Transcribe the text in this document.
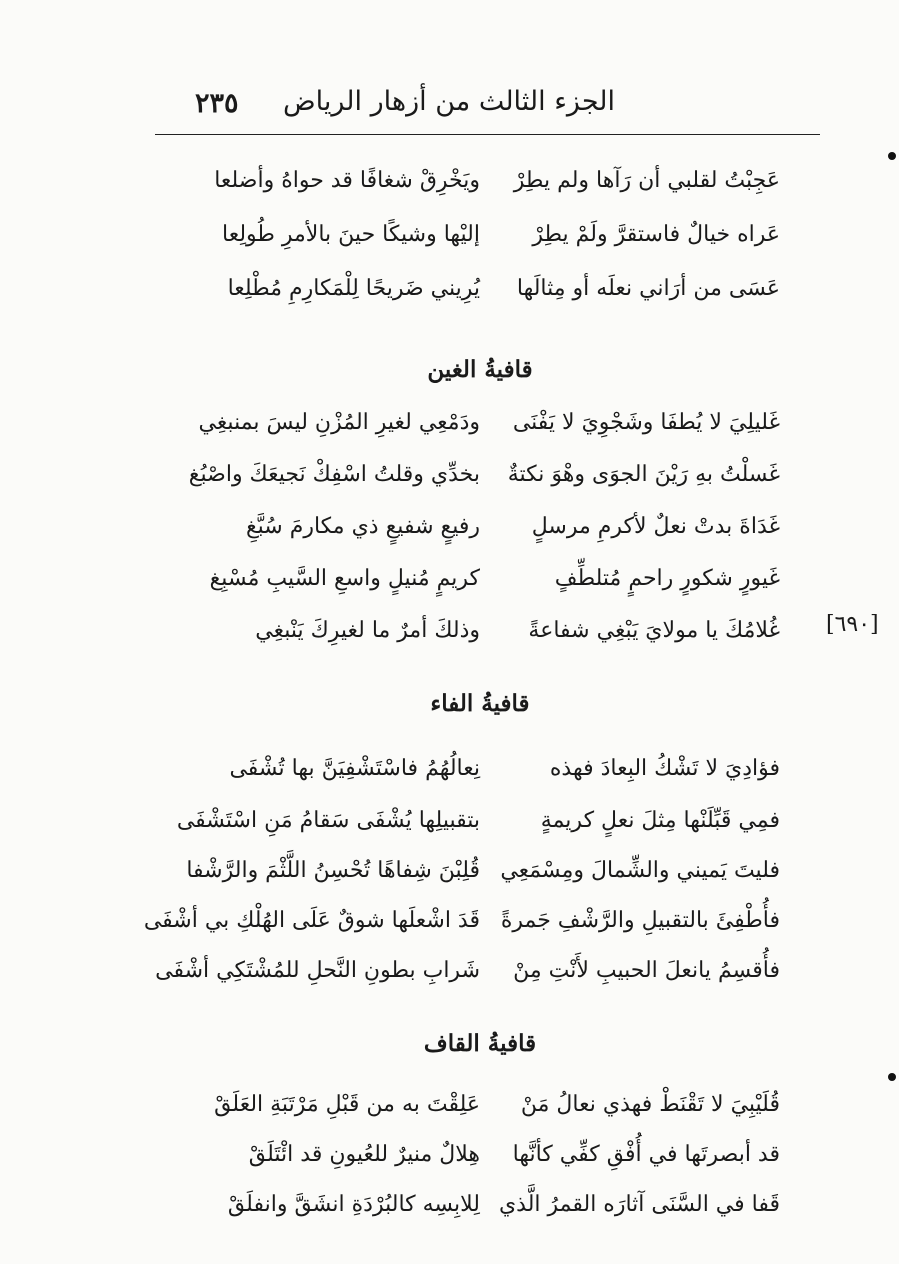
٢٣٥ الجزء الثالث من أزهار الرياض
عَجِبْتُ لقلبي أن رَآها ولم يطِرْ
ويَخْرِقْ شغافًا قد حواهُ وأضلعا
عَراه خيالٌ فاستقرَّ ولَمْ يطِرْ
إليْها وشيكًا حينَ بالأمرِ طُولِعا
عَسَى من أرَاني نعلَه أو مِثالَها
يُرِيني ضَريحًا لِلْمَكارِمِ مُطْلِعا
قافيةُ الغين
غَليلِيَ لا يُطفَا وشَجْوِيَ لا يَفْنَى
ودَمْعِي لغيرِ المُزْنِ ليسَ بمنبغِي
غَسلْتُ بهِ رَيْنَ الجوَى وهْوَ نكتةٌ
بخدِّي وقلتُ اسْفِكْ نَجيعَكَ واصْبُغ
غَدَاةَ بدتْ نعلٌ لأكرمِ مرسلٍ
رفيعٍ شفيعٍ ذي مكارمَ سُبَّغِ
غَيورٍ شكورٍ راحمٍ مُتلطِّفٍ
كريمٍ مُنيلٍ واسعِ السَّيبِ مُسْبِغ
غُلامُكَ يا مولايَ يَبْغِي شفاعةً
وذلكَ أمرٌ ما لغيرِكَ يَنْبغِي
قافيةُ الفاء
فؤادِيَ لا تَشْكُ البِعادَ فهذه
نِعالُهُمُ فاسْتَشْفِيَنَّ بها تُشْفَى
فمِي قَبِّلَنْها مِثلَ نعلٍ كريمةٍ
بتقبيلِها يُشْفَى سَقامُ مَنِ اسْتَشْفَى
فليتَ يَميني والشِّمالَ ومِسْمَعِي
قُلِبْنَ شِفاهًا تُحْسِنُ اللَّثْمَ والرَّشْفا
فأُطْفِئَ بالتقبيلِ والرَّشْفِ جَمرةً
قَدَ اشْعلَها شوقٌ عَلَى الهُلْكِ بي أشْفَى
فأُقسِمُ يانعلَ الحبيبِ لأَنْتِ مِنْ
شَرابِ بطونِ النَّحلِ للمُشْتَكِي أشْفَى
قافيةُ القاف
قُلَيْبِيَ لا تَقْنَطْ فهذي نعالُ مَنْ
عَلِقْتَ به من قَبْلِ مَرْتَبَةِ العَلَقْ
قد أبصرتَها في أُفْقِ كفِّي كأنَّها
هِلالٌ منيرٌ للعُيونِ قد ائْتَلَقْ
قَفا في السَّنَى آثارَه القمرُ الَّذي
لِلابِسِه كالبُرْدَةِ انشَقَّ وانفلَقْ
[٦٩٠]
